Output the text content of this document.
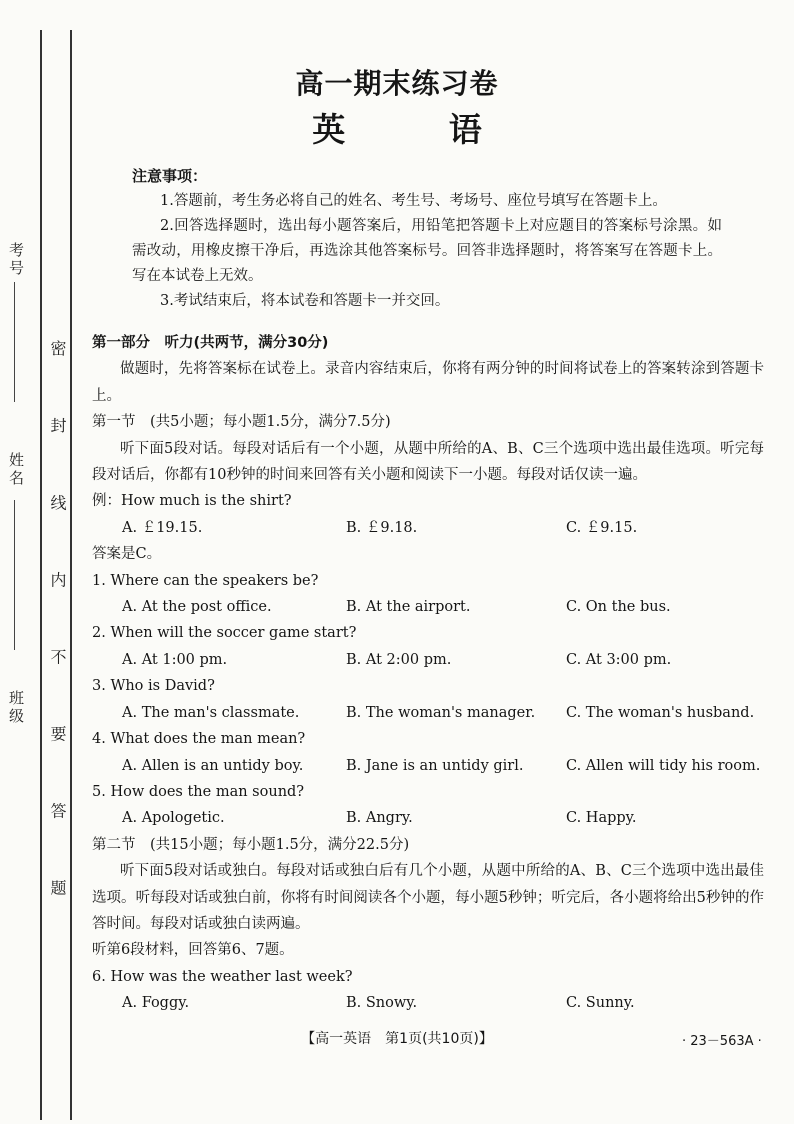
考号
姓名
班级 密 封 线 内 不 要 答 题
高一期末练习卷
英 语
注意事项：
1.答题前，考生务必将自己的姓名、考生号、考场号、座位号填写在答题卡上。
2.回答选择题时，选出每小题答案后，用铅笔把答题卡上对应题目的答案标号涂黑。如需改动，用橡皮擦干净后，再选涂其他答案标号。回答非选择题时，将答案写在答题卡上。写在本试卷上无效。
3.考试结束后，将本试卷和答题卡一并交回。
第一部分　听力(共两节，满分30分)
做题时，先将答案标在试卷上。录音内容结束后，你将有两分钟的时间将试卷上的答案转涂到答题卡上。
第一节　(共5小题；每小题1.5分，满分7.5分)
听下面5段对话。每段对话后有一个小题，从题中所给的A、B、C三个选项中选出最佳选项。听完每段对话后，你都有10秒钟的时间来回答有关小题和阅读下一小题。每段对话仅读一遍。
例：How much is the shirt?
A. ￡19.15.	B. ￡9.18.	C. ￡9.15.
答案是C。
1. Where can the speakers be?
A. At the post office.	B. At the airport.	C. On the bus.
2. When will the soccer game start?
A. At 1:00 pm.	B. At 2:00 pm.	C. At 3:00 pm.
3. Who is David?
A. The man's classmate.	B. The woman's manager.	C. The woman's husband.
4. What does the man mean?
A. Allen is an untidy boy.	B. Jane is an untidy girl.	C. Allen will tidy his room.
5. How does the man sound?
A. Apologetic.	B. Angry.	C. Happy.
第二节　(共15小题；每小题1.5分，满分22.5分)
听下面5段对话或独白。每段对话或独白后有几个小题，从题中所给的A、B、C三个选项中选出最佳选项。听每段对话或独白前，你将有时间阅读各个小题，每小题5秒钟；听完后，各小题将给出5秒钟的作答时间。每段对话或独白读两遍。
听第6段材料，回答第6、7题。
6. How was the weather last week?
A. Foggy.	B. Snowy.	C. Sunny.
【高一英语　第1页(共10页)】	· 23－563A ·
